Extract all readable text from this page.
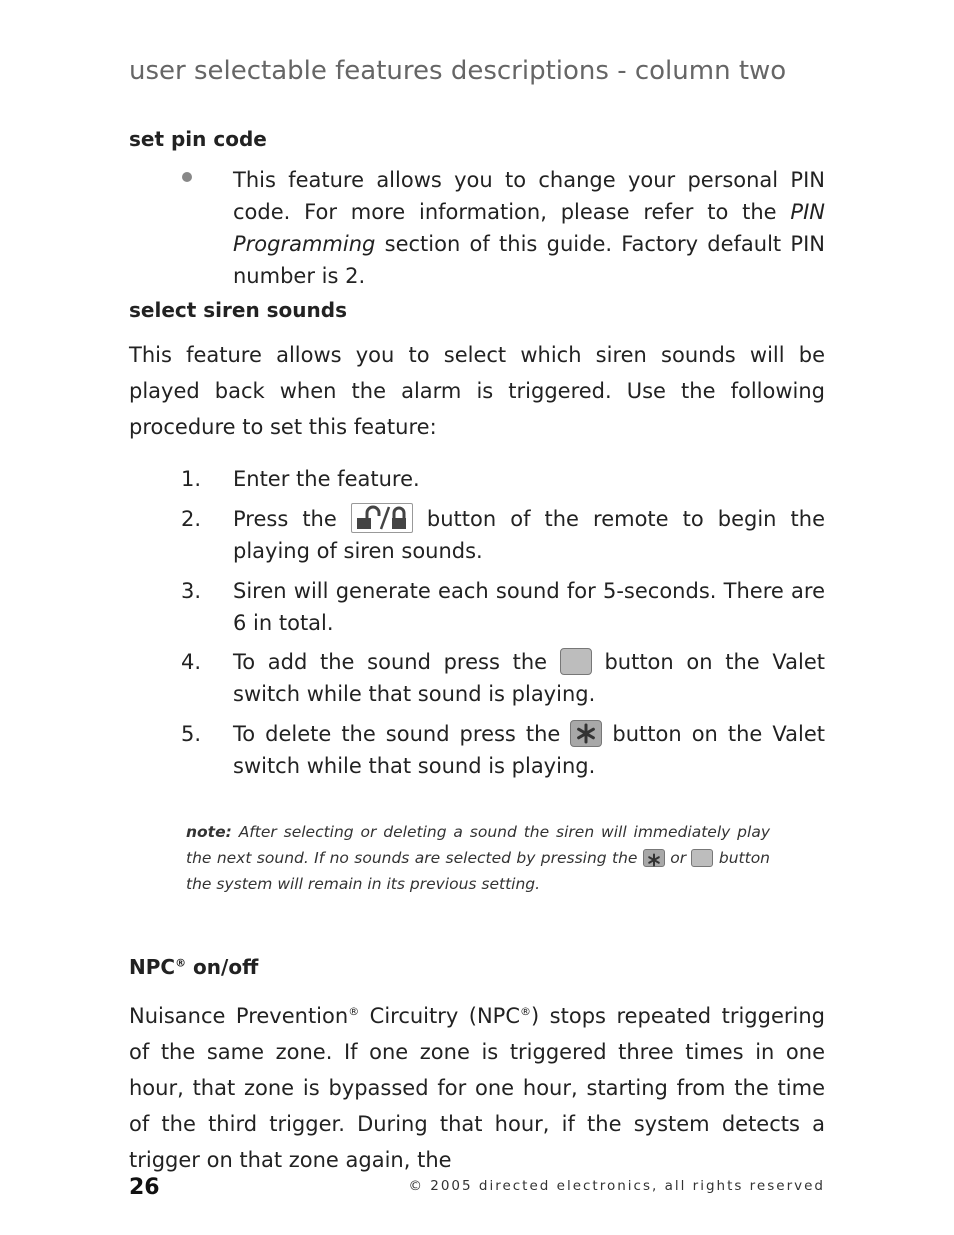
user selectable features descriptions - column two
set pin code
This feature allows you to change your personal PIN code. For more information, please refer to the PIN Programming section of this guide. Factory default PIN number is 2.
select siren sounds

This feature allows you to select which siren sounds will be played back when the alarm is triggered. Use the following procedure to set this feature:

1. Enter the feature.
2. Press the	button of the remote to begin the playing of siren sounds.
3. Siren will generate each sound for 5-seconds. There are 6 in total.
4. To add the sound press the	button on the Valet switch while that sound is playing.
5. To delete the sound press the button on the Valet switch while that sound is playing.
note: After selecting or deleting a sound the siren will immediately play the next sound. If no sounds are selected by pressing the or button the system will remain in its previous setting.
NPC® on/off

Nuisance Prevention® Circuitry (NPC®) stops repeated triggering of the same zone. If one zone is triggered three times in one hour, that zone is bypassed for one hour, starting from the time of the third trigger. During that hour, if the system detects a trigger on that zone again, the

26	© 2005 directed electronics, all rights reserved
